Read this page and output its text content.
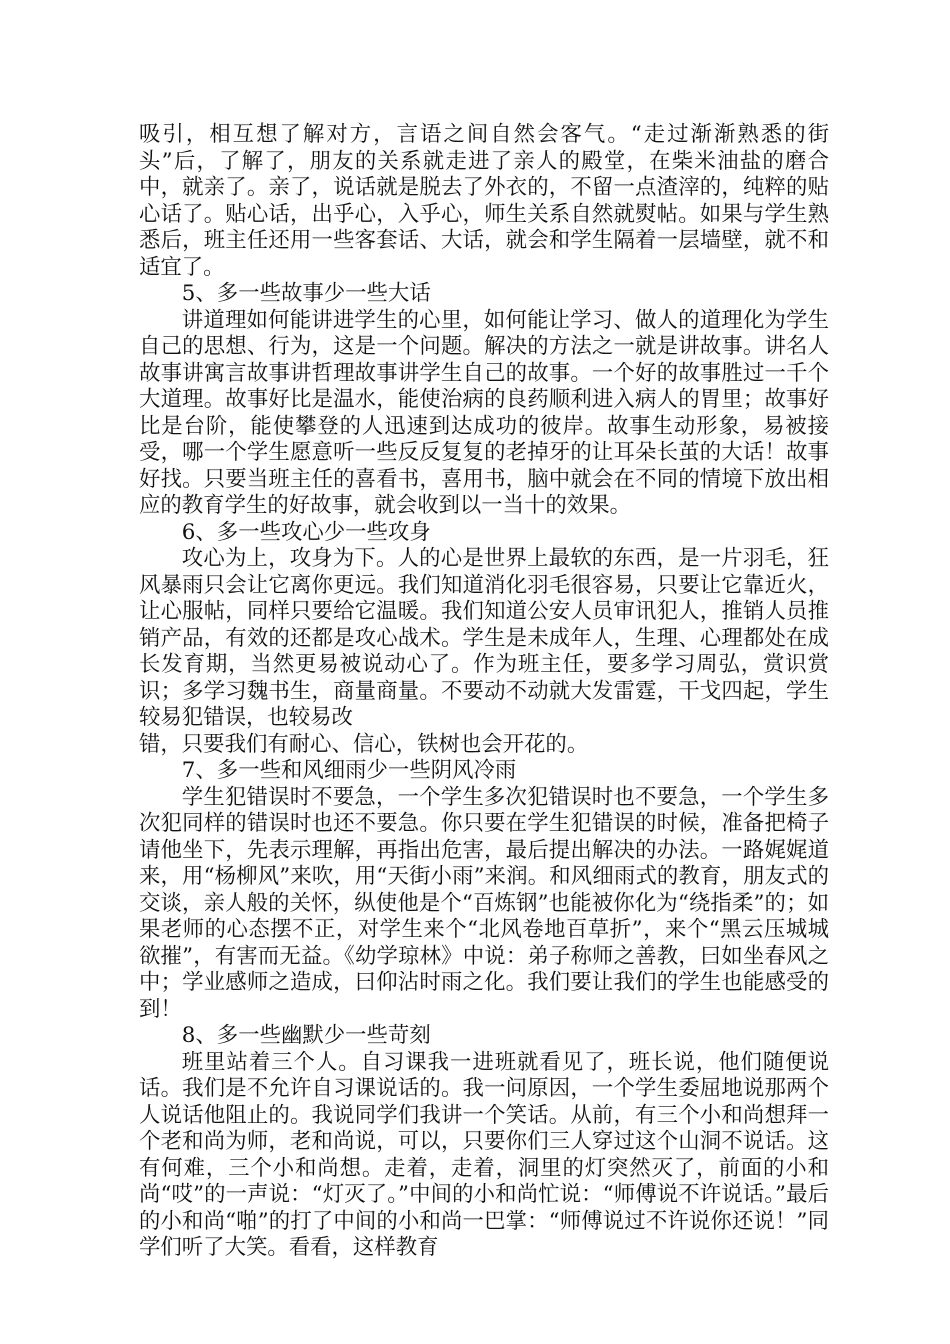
吸引，相互想了解对方，言语之间自然会客气。“走过渐渐熟悉的街头”后，了解了，朋友的关系就走进了亲人的殿堂，在柴米油盐的磨合中，就亲了。亲了，说话就是脱去了外衣的，不留一点渣滓的，纯粹的贴心话了。贴心话，出乎心，入乎心，师生关系自然就熨帖。如果与学生熟悉后，班主任还用一些客套话、大话，就会和学生隔着一层墙壁，就不和适宜了。

5、多一些故事少一些大话

讲道理如何能讲进学生的心里，如何能让学习、做人的道理化为学生自己的思想、行为，这是一个问题。解决的方法之一就是讲故事。讲名人故事讲寓言故事讲哲理故事讲学生自己的故事。一个好的故事胜过一千个大道理。故事好比是温水，能使治病的良药顺利进入病人的胃里；故事好比是台阶，能使攀登的人迅速到达成功的彼岸。故事生动形象，易被接受，哪一个学生愿意听一些反反复复的老掉牙的让耳朵长茧的大话！故事好找。只要当班主任的喜看书，喜用书，脑中就会在不同的情境下放出相应的教育学生的好故事，就会收到以一当十的效果。

6、多一些攻心少一些攻身

攻心为上，攻身为下。人的心是世界上最软的东西，是一片羽毛，狂风暴雨只会让它离你更远。我们知道消化羽毛很容易，只要让它靠近火，让心服帖，同样只要给它温暖。我们知道公安人员审讯犯人，推销人员推销产品，有效的还都是攻心战术。学生是未成年人，生理、心理都处在成长发育期，当然更易被说动心了。作为班主任，要多学习周弘，赏识赏识；多学习魏书生，商量商量。不要动不动就大发雷霆，干戈四起，学生较易犯错误，也较易改

错，只要我们有耐心、信心，铁树也会开花的。

7、多一些和风细雨少一些阴风冷雨

学生犯错误时不要急，一个学生多次犯错误时也不要急，一个学生多次犯同样的错误时也还不要急。你只要在学生犯错误的时候，准备把椅子请他坐下，先表示理解，再指出危害，最后提出解决的办法。一路娓娓道来，用“杨柳风”来吹，用“天街小雨”来润。和风细雨式的教育，朋友式的交谈，亲人般的关怀，纵使他是个“百炼钢”也能被你化为“绕指柔”的；如果老师的心态摆不正，对学生来个“北风卷地百草折”，来个“黑云压城城欲摧”，有害而无益。《幼学琼林》中说：弟子称师之善教，曰如坐春风之中；学业感师之造成，曰仰沾时雨之化。我们要让我们的学生也能感受的到！

8、多一些幽默少一些苛刻

班里站着三个人。自习课我一进班就看见了，班长说，他们随便说话。我们是不允许自习课说话的。我一问原因，一个学生委屈地说那两个人说话他阻止的。我说同学们我讲一个笑话。从前，有三个小和尚想拜一个老和尚为师，老和尚说，可以，只要你们三人穿过这个山洞不说话。这有何难，三个小和尚想。走着，走着，洞里的灯突然灭了，前面的小和尚“哎”的一声说：“灯灭了。”中间的小和尚忙说：“师傅说不许说话。”最后的小和尚“啪”的打了中间的小和尚一巴掌：“师傅说过不许说你还说！”同学们听了大笑。看看，这样教育
